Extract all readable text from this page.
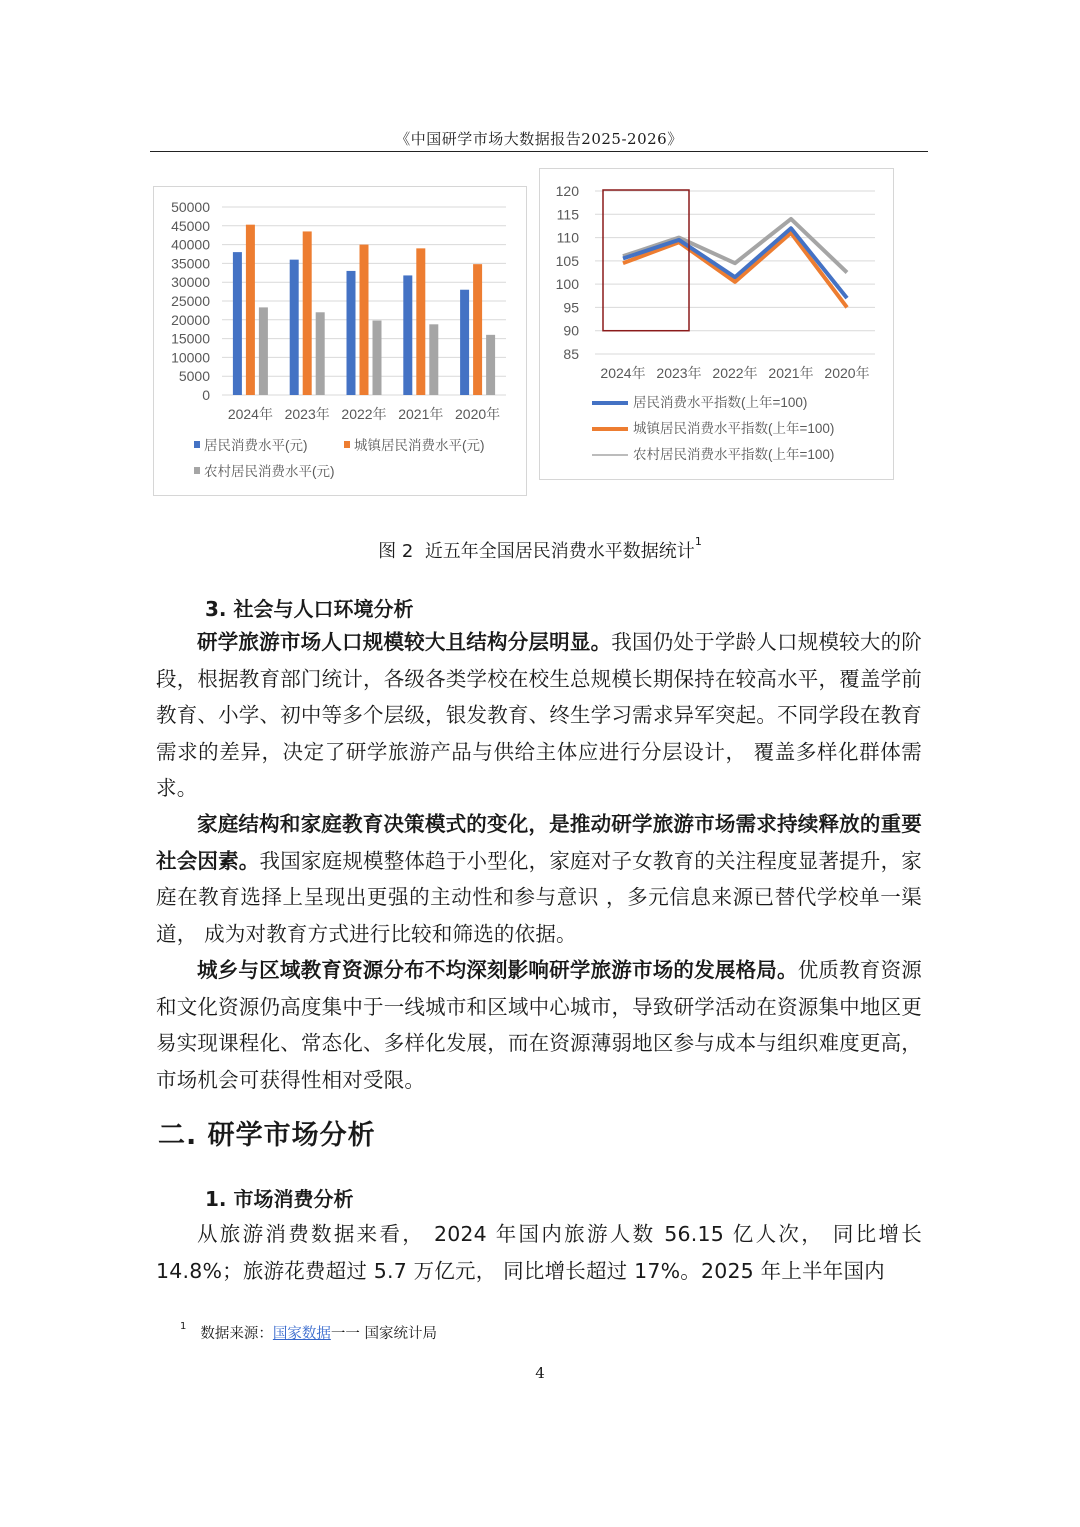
《中国研学市场大数据报告2025-2026》
0
5000
10000
15000
20000
25000
30000
35000
40000
45000
50000
2024年 2023年 2022年 2021年 2020年
居民消费水平(元)	城镇居民消费水平(元)
农村居民消费水平(元)
85
90
95
100
105
110
115
120
2024年 2023年 2022年 2021年 2020年
居民消费水平指数(上年=100)
城镇居民消费水平指数(上年=100)
农村居民消费水平指数(上年=100)
图 2 近五年全国居民消费水平数据统计$^1$
3. 社会与人口环境分析
研学旅游市场人口规模较大且结构分层明显。我国仍处于学龄人口规模较大的阶段，根据教育部门统计，各级各类学校在校生总规模长期保持在较高水平，覆盖学前教育、小学、初中等多个层级，银发教育、终生学习需求异军突起。不同学段在教育需求的差异，决定了研学旅游产品与供给主体应进行分层设计， 覆盖多样化群体需求。
家庭结构和家庭教育决策模式的变化，是推动研学旅游市场需求持续释放的重要社会因素。我国家庭规模整体趋于小型化，家庭对子女教育的关注程度显著提升，家庭在教育选择上呈现出更强的主动性和参与意识 ，多元信息来源已替代学校单一渠道， 成为对教育方式进行比较和筛选的依据。
城乡与区域教育资源分布不均深刻影响研学旅游市场的发展格局。优质教育资源和文化资源仍高度集中于一线城市和区域中心城市，导致研学活动在资源集中地区更易实现课程化、常态化、多样化发展，而在资源薄弱地区参与成本与组织难度更高， 市场机会可获得性相对受限。
二. 研学市场分析
1. 市场消费分析
从旅游消费数据来看， 2024 年国内旅游人数 56.15 亿人次， 同比增长 14.8%；旅游花费超过 5.7 万亿元， 同比增长超过 17%。2025 年上半年国内
$^1$ 数据来源：国家数据一一 国家统计局
4
